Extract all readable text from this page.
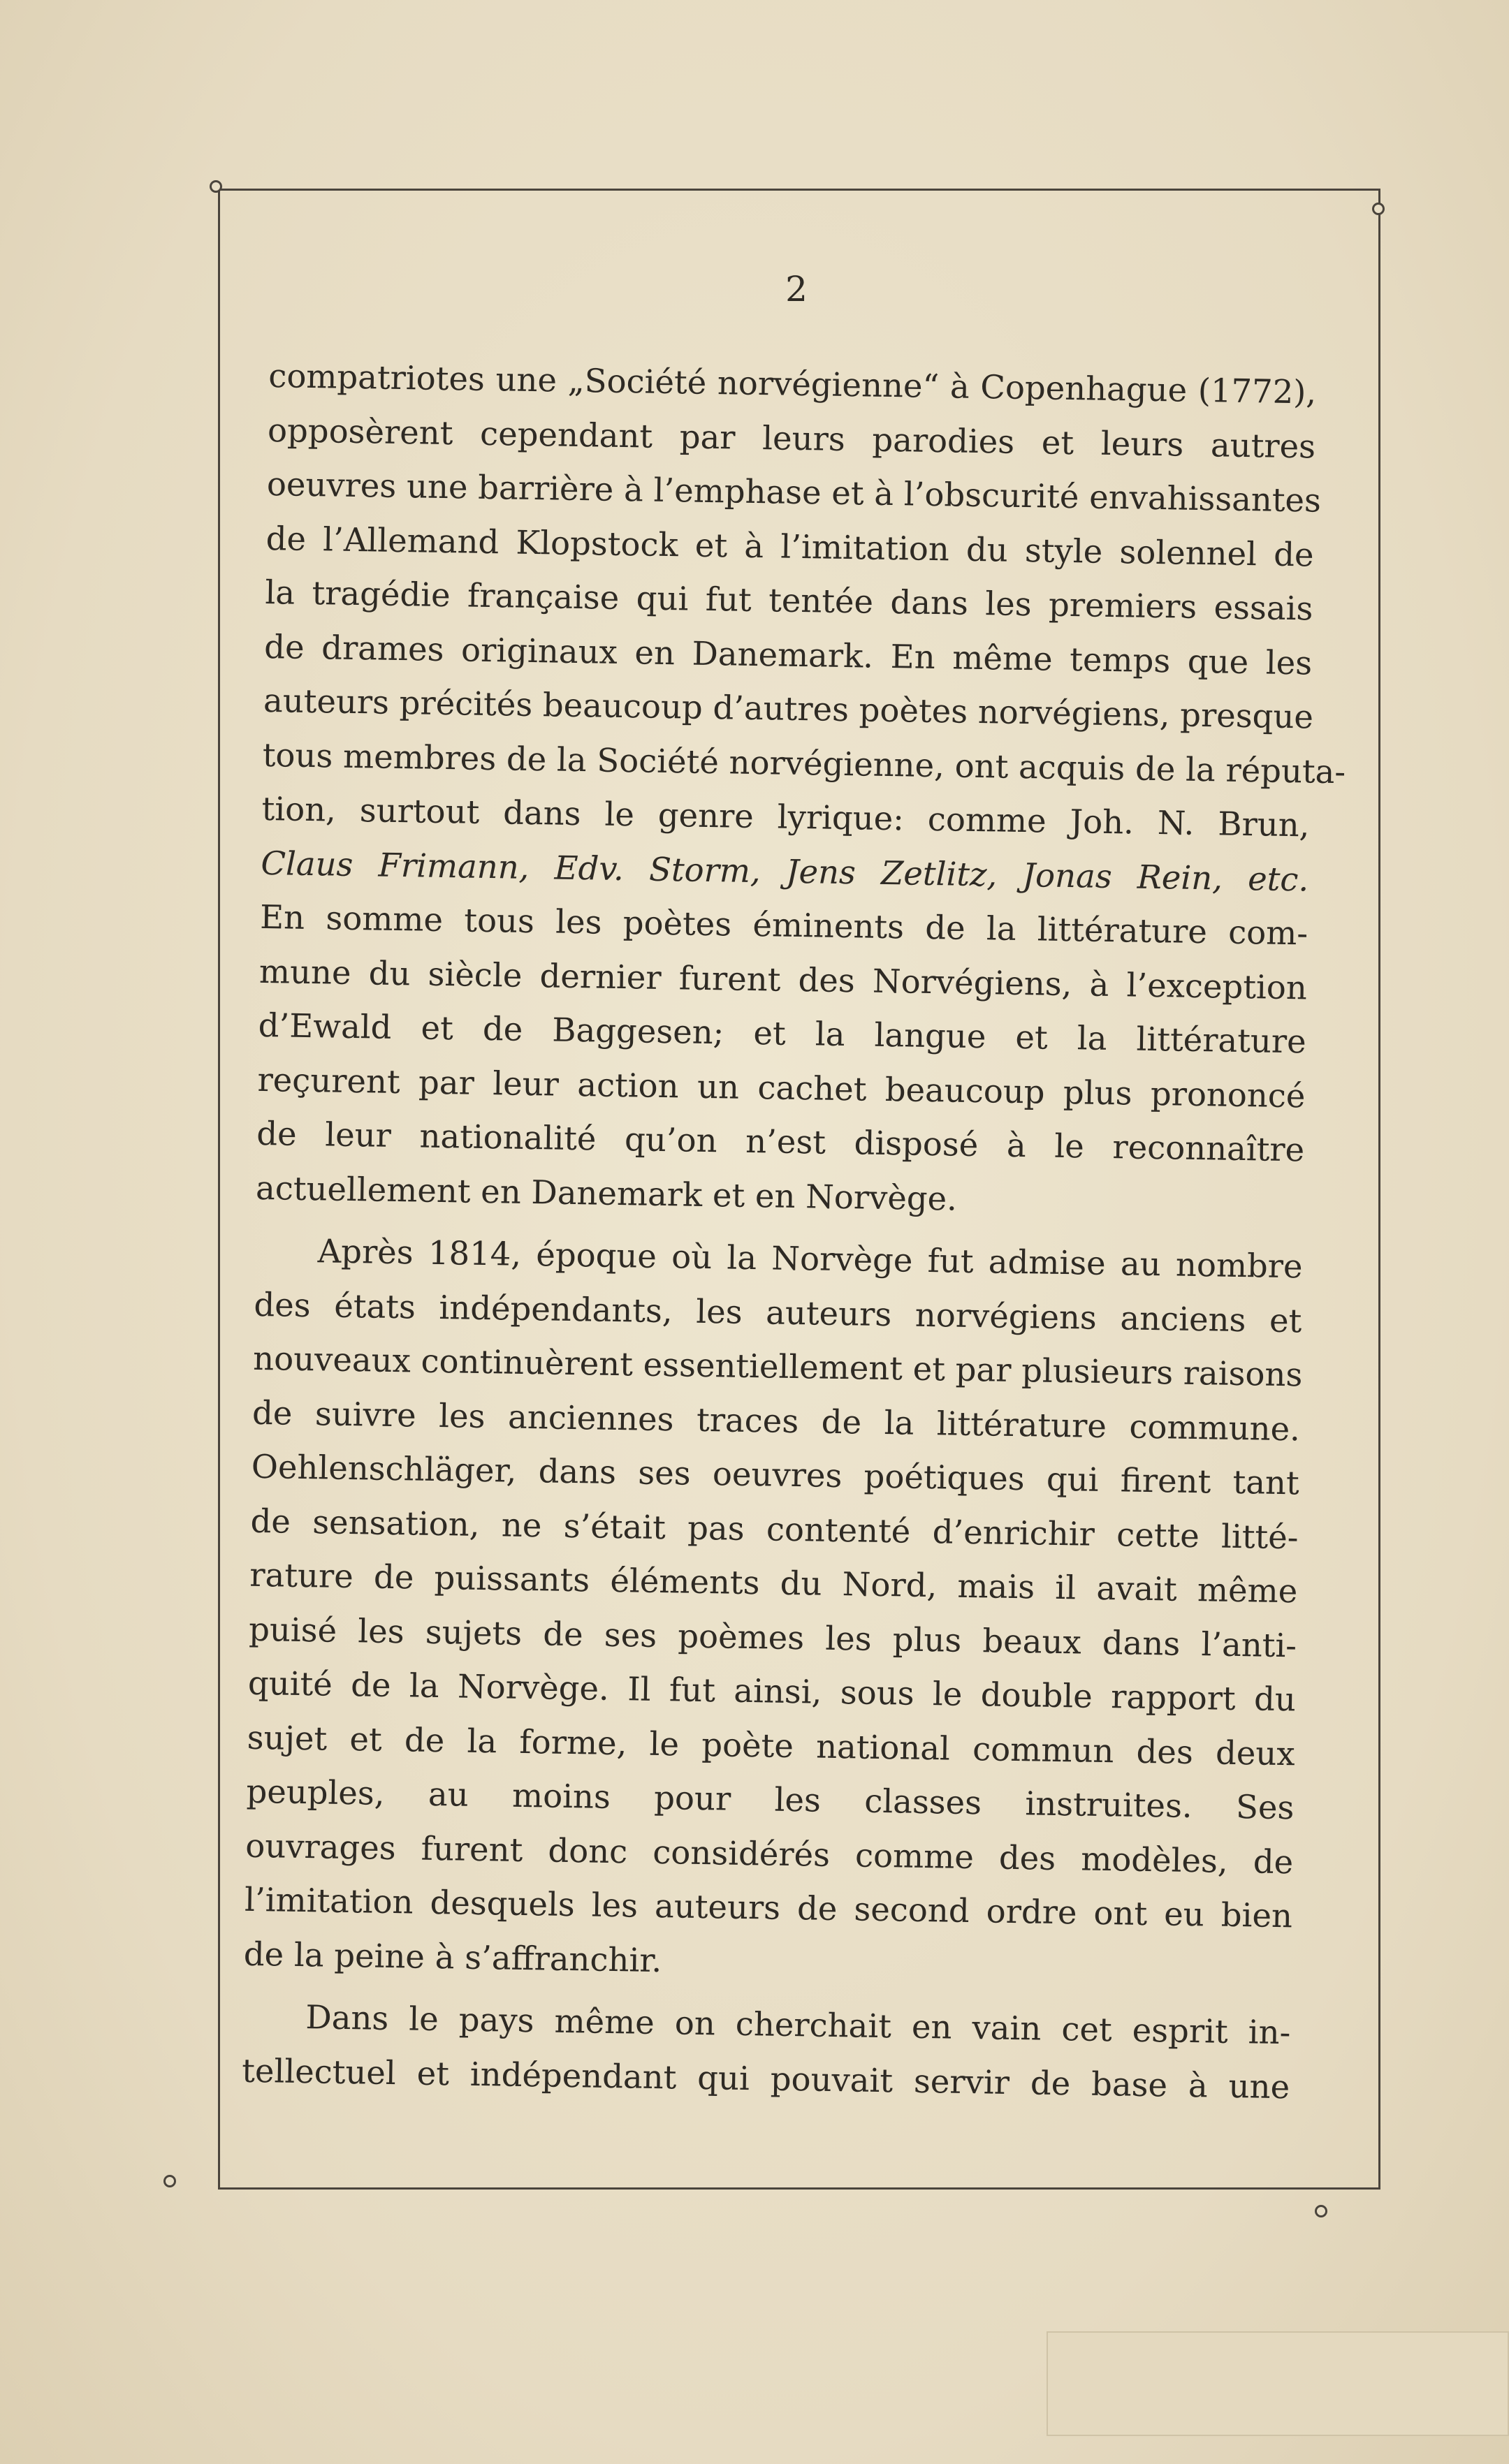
2

compatriotes une „Société norvégienne“ à Copenhague (1772),
opposèrent cependant par leurs parodies et leurs autres
oeuvres une barrière à l’emphase et à l’obscurité envahissantes
de l’Allemand Klopstock et à l’imitation du style solennel de
la tragédie française qui fut tentée dans les premiers essais
de drames originaux en Danemark. En même temps que les
auteurs précités beaucoup d’autres poètes norvégiens, presque
tous membres de la Société norvégienne, ont acquis de la réputa-
tion, surtout dans le genre lyrique: comme Joh. N. Brun,
Claus Frimann, Edv. Storm, Jens Zetlitz, Jonas Rein, etc.
En somme tous les poètes éminents de la littérature com-
mune du siècle dernier furent des Norvégiens, à l’exception
d’Ewald et de Baggesen; et la langue et la littérature
reçurent par leur action un cachet beaucoup plus prononcé
de leur nationalité qu’on n’est disposé à le reconnaître
actuellement en Danemark et en Norvège.

Après 1814, époque où la Norvège fut admise au nombre
des états indépendants, les auteurs norvégiens anciens et
nouveaux continuèrent essentiellement et par plusieurs raisons
de suivre les anciennes traces de la littérature commune.
Oehlenschläger, dans ses oeuvres poétiques qui firent tant
de sensation, ne s’était pas contenté d’enrichir cette litté-
rature de puissants éléments du Nord, mais il avait même
puisé les sujets de ses poèmes les plus beaux dans l’anti-
quité de la Norvège. Il fut ainsi, sous le double rapport du
sujet et de la forme, le poète national commun des deux
peuples, au moins pour les classes instruites. Ses
ouvrages furent donc considérés comme des modèles, de
l’imitation desquels les auteurs de second ordre ont eu bien
de la peine à s’affranchir.

Dans le pays même on cherchait en vain cet esprit in-
tellectuel et indépendant qui pouvait servir de base à une
